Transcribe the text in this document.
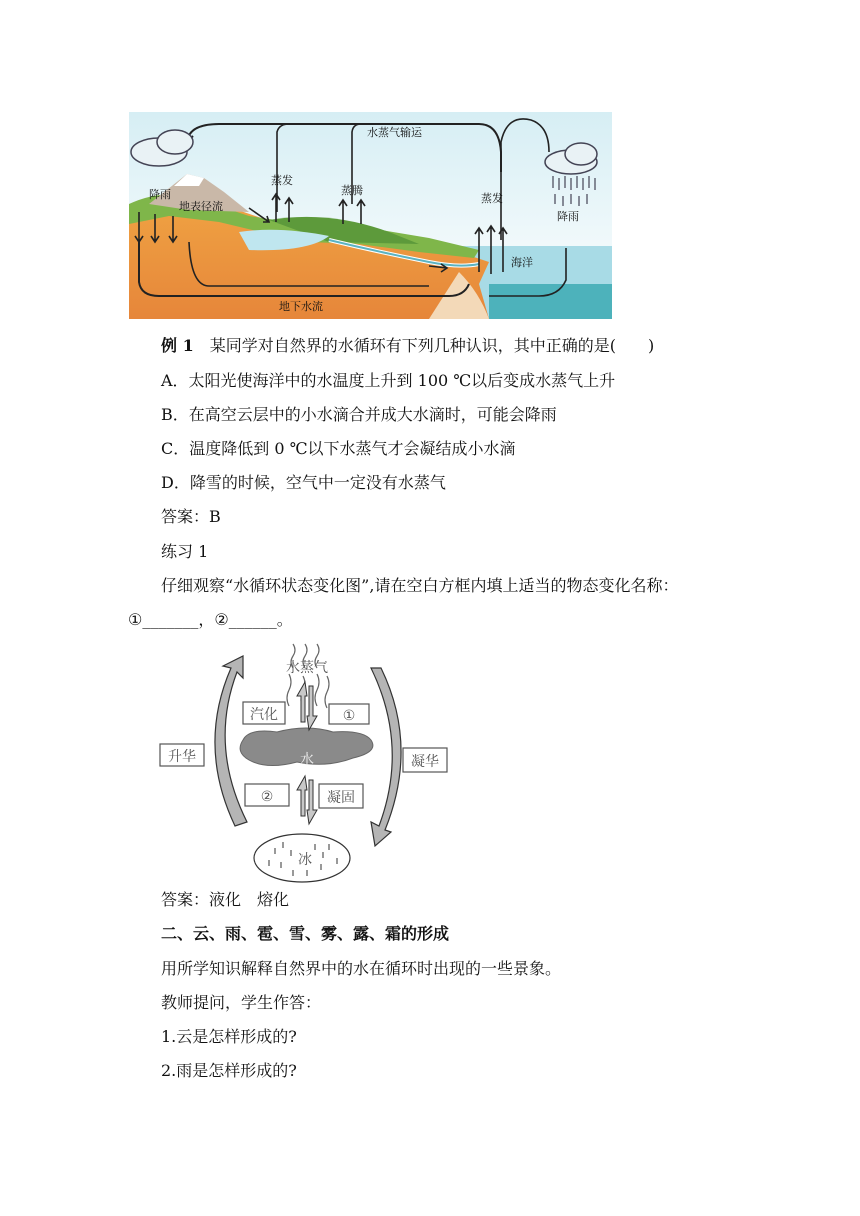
水蒸气输运
降雨
地表径流
蒸发
蒸腾
蒸发
降雨
海洋
地下水流
例 1　 某同学对自然界的水循环有下列几种认识，其中正确的是(　　)
A．太阳光使海洋中的水温度上升到 100 ℃以后变成水蒸气上升
B．在高空云层中的小水滴合并成大水滴时，可能会降雨
C．温度降低到 0 ℃以下水蒸气才会凝结成小水滴
D．降雪的时候，空气中一定没有水蒸气
答案：B
练习 1
仔细观察“水循环状态变化图”,请在空白方框内填上适当的物态变化名称：
①_______，②______。
水蒸气
汽化	①
升华	水	凝华
②	凝固
冰
答案：液化　熔化
二、云、雨、雹、雪、雾、露、霜的形成
用所学知识解释自然界中的水在循环时出现的一些景象。
教师提问，学生作答：
1.云是怎样形成的?
2.雨是怎样形成的?
